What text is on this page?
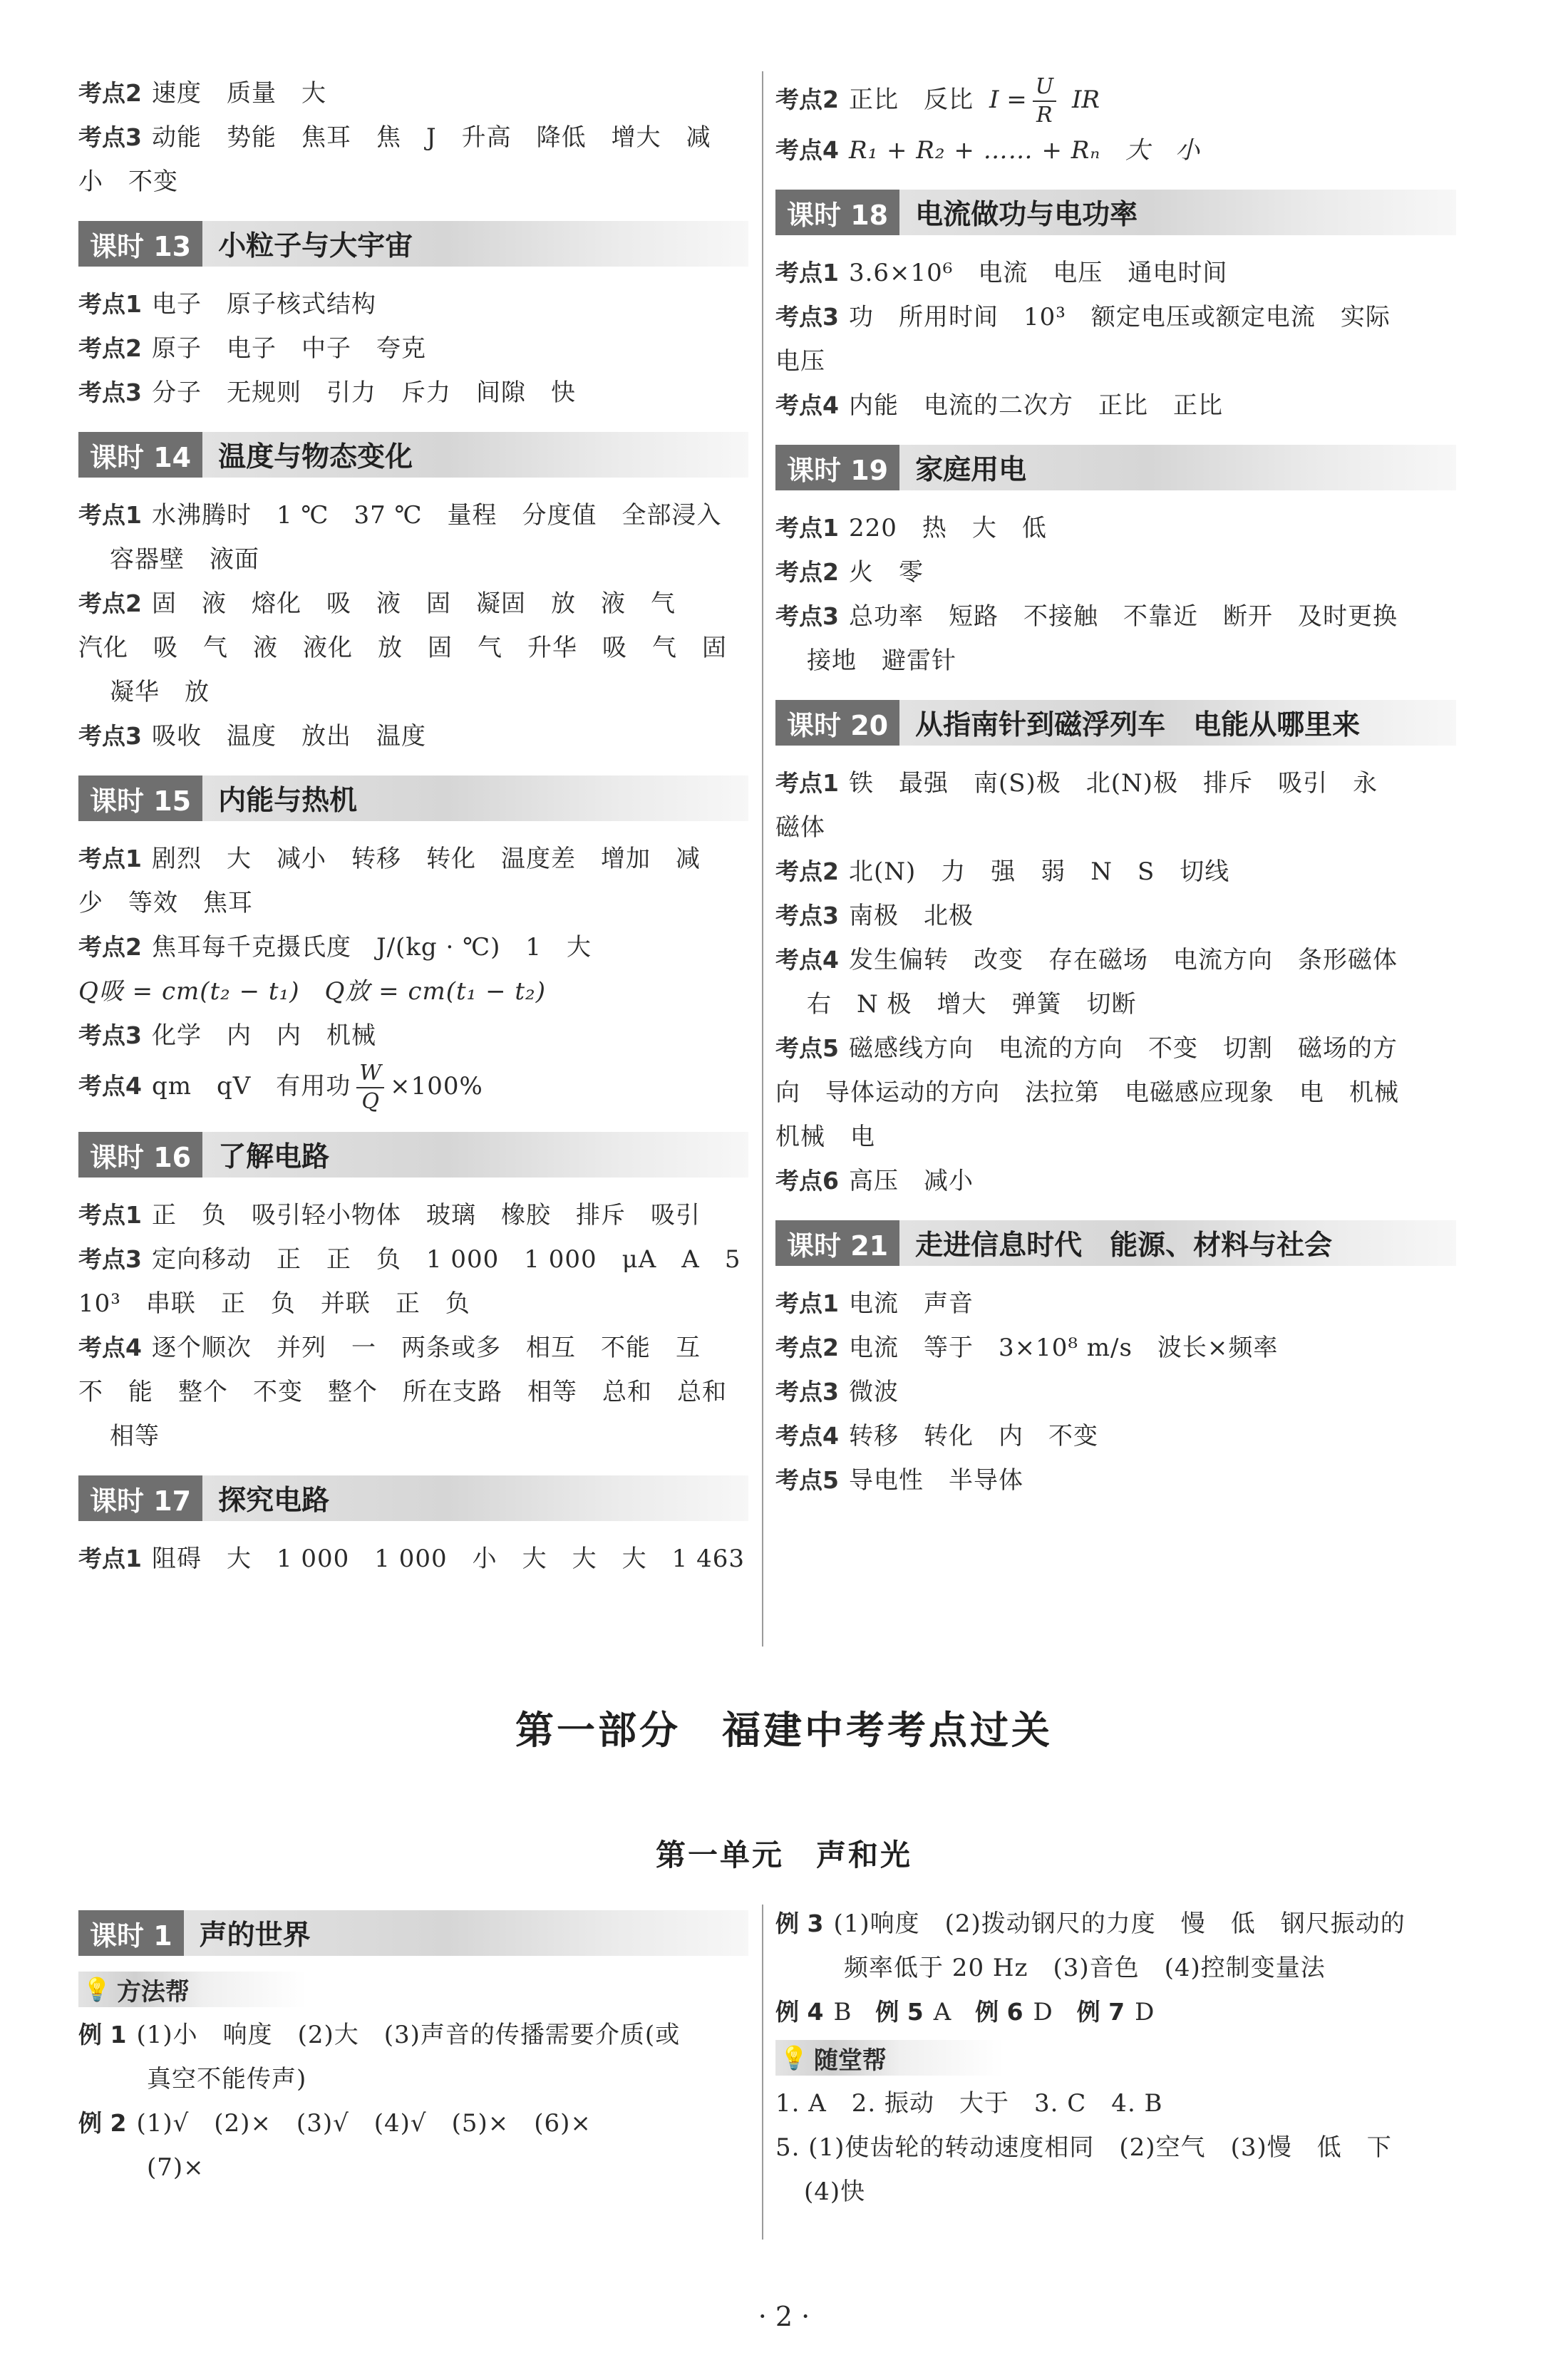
考点2 速度　质量　大
考点3 动能　势能　焦耳　焦　J　升高　降低　增大　减
小　不变
课时 13 小粒子与大宇宙
考点1 电子　原子核式结构
考点2 原子　电子　中子　夸克
考点3 分子　无规则　引力　斥力　间隙　快
课时 14 温度与物态变化
考点1 水沸腾时　1 ℃　37 ℃　量程　分度值　全部浸入
容器壁　液面
考点2 固　液　熔化　吸　液　固　凝固　放　液　气
汽化　吸　气　液　液化　放　固　气　升华　吸　气　固
凝华　放
考点3 吸收　温度　放出　温度
课时 15 内能与热机
考点1 剧烈　大　减小　转移　转化　温度差　增加　减
少　等效　焦耳
考点2 焦耳每千克摄氏度　J/(kg · ℃)　1　大
Q吸 = cm(t₂ − t₁)　Q放 = cm(t₁ − t₂)
考点3 化学　内　内　机械
考点4 qm　qV　有用功 $\frac{W}{Q} \times 100\%$
课时 16 了解电路
考点1 正　负　吸引轻小物体　玻璃　橡胶　排斥　吸引
考点3 定向移动　正　正　负　1 000　1 000　μA　A　5
10³　串联　正　负　并联　正　负
考点4 逐个顺次　并列　一　两条或多　相互　不能　互
不　能　整个　不变　整个　所在支路　相等　总和　总和
相等
课时 17 探究电路
考点1 阻碍　大　1 000　1 000　小　大　大　大　1 463
考点2 正比　反比 $I = \frac{U}{R}$ IR
考点4 R₁ + R₂ + …… + Rₙ　大　小
课时 18 电流做功与电功率
考点1 3.6×10⁶　电流　电压　通电时间
考点3 功　所用时间　10³　额定电压或额定电流　实际
电压
考点4 内能　电流的二次方　正比　正比
课时 19 家庭用电
考点1 220　热　大　低
考点2 火　零
考点3 总功率　短路　不接触　不靠近　断开　及时更换
接地　避雷针
课时 20 从指南针到磁浮列车　电能从哪里来
考点1 铁　最强　南(S)极　北(N)极　排斥　吸引　永
磁体
考点2 北(N)　力　强　弱　N　S　切线
考点3 南极　北极
考点4 发生偏转　改变　存在磁场　电流方向　条形磁体
右　N 极　增大　弹簧　切断
考点5 磁感线方向　电流的方向　不变　切割　磁场的方
向　导体运动的方向　法拉第　电磁感应现象　电　机械
机械　电
考点6 高压　减小
课时 21 走进信息时代　能源、材料与社会
考点1 电流　声音
考点2 电流　等于　3×10⁸ m/s　波长×频率
考点3 微波
考点4 转移　转化　内　不变
考点5 导电性　半导体
第一部分　福建中考考点过关
第一单元　声和光
课时 1 声的世界
💡 方法帮
例 1 (1)小　响度　(2)大　(3)声音的传播需要介质(或
真空不能传声)
例 2 (1)√　(2)×　(3)√　(4)√　(5)×　(6)×
(7)×
例 3 (1)响度　(2)拨动钢尺的力度　慢　低　钢尺振动的
频率低于 20 Hz　(3)音色　(4)控制变量法
例 4 B 例 5 A 例 6 D 例 7 D
💡 随堂帮
1. A　2. 振动　大于　3. C　4. B
5. (1)使齿轮的转动速度相同　(2)空气　(3)慢　低　下
(4)快
· 2 ·
